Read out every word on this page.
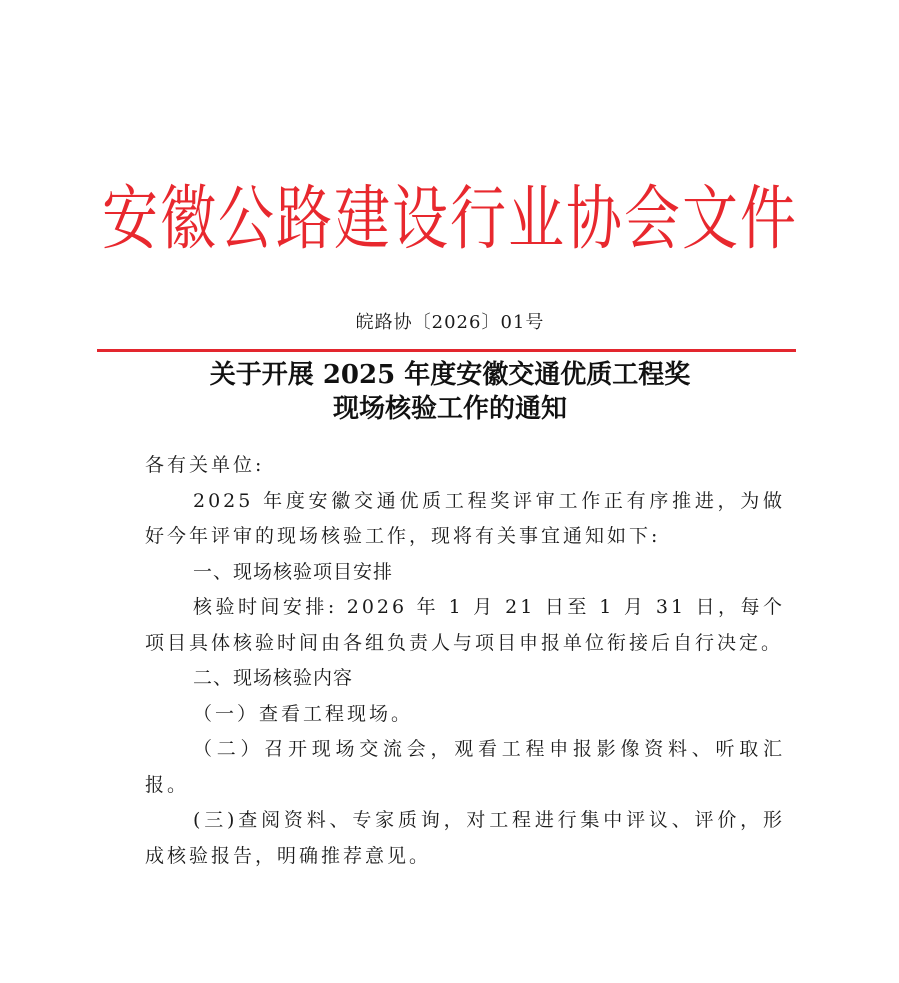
安徽公路建设行业协会文件
皖路协〔2026〕01号
关于开展 2025 年度安徽交通优质工程奖
现场核验工作的通知

各有关单位:

2025 年度安徽交通优质工程奖评审工作正有序推进，为做好今年评审的现场核验工作，现将有关事宜通知如下:

一、现场核验项目安排

核验时间安排: 2026 年 1 月 21 日至 1 月 31 日，每个项目具体核验时间由各组负责人与项目申报单位衔接后自行决定。

二、现场核验内容

（一）查看工程现场。

（二）召开现场交流会，观看工程申报影像资料、听取汇报。

(三)查阅资料、专家质询，对工程进行集中评议、评价，形成核验报告，明确推荐意见。
